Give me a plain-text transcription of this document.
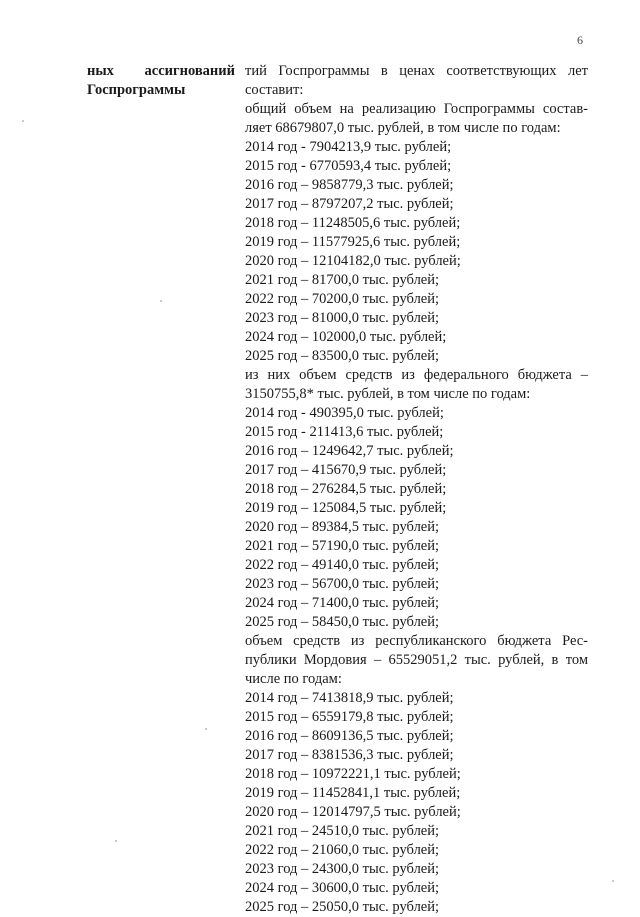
6
ных ассигнований
Госпрограммы

тий Госпрограммы в ценах соответствующих лет

составит:

общий объем на реализацию Госпрограммы состав-

ляет 68679807,0 тыс. рублей, в том числе по годам:

2014 год - 7904213,9 тыс. рублей;

2015 год - 6770593,4 тыс. рублей;

2016 год – 9858779,3 тыс. рублей;

2017 год – 8797207,2 тыс. рублей;

2018 год – 11248505,6 тыс. рублей;

2019 год – 11577925,6 тыс. рублей;

2020 год – 12104182,0 тыс. рублей;

2021 год – 81700,0 тыс. рублей;

2022 год – 70200,0 тыс. рублей;

2023 год – 81000,0 тыс. рублей;

2024 год – 102000,0 тыс. рублей;

2025 год – 83500,0 тыс. рублей;

из них объем средств из федерального бюджета –

3150755,8* тыс. рублей, в том числе по годам:

2014 год - 490395,0 тыс. рублей;

2015 год - 211413,6 тыс. рублей;

2016 год – 1249642,7 тыс. рублей;

2017 год – 415670,9 тыс. рублей;

2018 год – 276284,5 тыс. рублей;

2019 год – 125084,5 тыс. рублей;

2020 год – 89384,5 тыс. рублей;

2021 год – 57190,0 тыс. рублей;

2022 год – 49140,0 тыс. рублей;

2023 год – 56700,0 тыс. рублей;

2024 год – 71400,0 тыс. рублей;

2025 год – 58450,0 тыс. рублей;

объем средств из республиканского бюджета Рес-

публики Мордовия – 65529051,2 тыс. рублей, в том

числе по годам:

2014 год – 7413818,9 тыс. рублей;

2015 год – 6559179,8 тыс. рублей;

2016 год – 8609136,5 тыс. рублей;

2017 год – 8381536,3 тыс. рублей;

2018 год – 10972221,1 тыс. рублей;

2019 год – 11452841,1 тыс. рублей;

2020 год – 12014797,5 тыс. рублей;

2021 год – 24510,0 тыс. рублей;

2022 год – 21060,0 тыс. рублей;

2023 год – 24300,0 тыс. рублей;

2024 год – 30600,0 тыс. рублей;

2025 год – 25050,0 тыс. рублей;
